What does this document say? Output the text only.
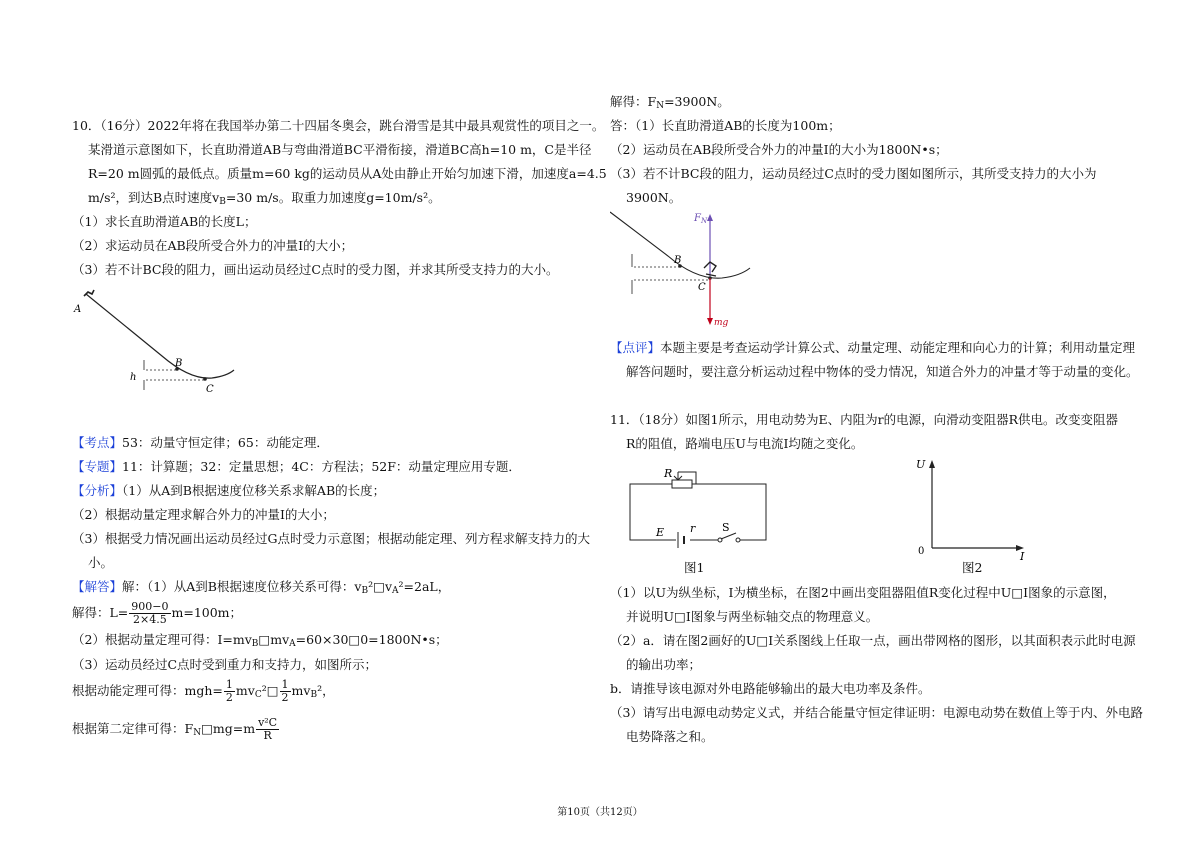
10．（16分）2022年将在我国举办第二十四届冬奥会，跳台滑雪是其中最具观赏性的项目之一。
某滑道示意图如下，长直助滑道AB与弯曲滑道BC平滑衔接，滑道BC高h=10 m，C是半径
R=20 m圆弧的最低点。质量m=60 kg的运动员从A处由静止开始匀加速下滑，加速度a=4.5
m/s²，到达B点时速度$v_B=30$ m/s。取重力加速度g=10m/s²。
（1）求长直助滑道AB的长度L；
（2）求运动员在AB段所受合外力的冲量I的大小；
（3）若不计BC段的阻力，画出运动员经过C点时的受力图，并求其所受支持力的大小。
A
B
C
h
【考点】53：动量守恒定律；65：动能定理．
【专题】11：计算题；32：定量思想；4C：方程法；52F：动量定理应用专题．
【分析】（1）从A到B根据速度位移关系求解AB的长度；
（2）根据动量定理求解合外力的冲量I的大小；
（3）根据受力情况画出运动员经过G点时受力示意图；根据动能定理、列方程求解支持力的大
小。
【解答】解：（1）从A到B根据速度位移关系可得：$v_B^2□v_A^2=2aL$，
解得：$L= \frac{900-0}{2\times 4.5} m=100m$；
（2）根据动量定理可得：$I=mv_B□mv_A=60\times 30□0=1800N•s$；
（3）运动员经过C点时受到重力和支持力，如图所示；
根据动能定理可得：$mgh= \frac{1}{2}$ $mv_C^2□ \frac{1}{2} mv_B^2$，
根据第二定律可得：$F_N□mg=m \frac{\text{v²C}}{R}$
解得：$F_N=3900N$。
答：（1）长直助滑道AB的长度为100m；
（2）运动员在AB段所受合外力的冲量I的大小为1800N•s；
（3）若不计BC段的阻力，运动员经过C点时的受力图如图所示，其所受支持力的大小为
3900N。
$F_N$
B
C
mg
【点评】本题主要是考查运动学计算公式、动量定理、动能定理和向心力的计算；利用动量定理
解答问题时，要注意分析运动过程中物体的受力情况，知道合外力的冲量才等于动量的变化。
11．（18分）如图1所示，用电动势为E、内阻为r的电源，向滑动变阻器R供电。改变变阻器
R的阻值，路端电压U与电流I均随之变化。
R
E r S
图1
U
I
0
图2
（1）以U为纵坐标，I为横坐标，在图2中画出变阻器阻值R变化过程中U□I图象的示意图，
并说明U□I图象与两坐标轴交点的物理意义。
（2）a．请在图2画好的U□I关系图线上任取一点，画出带网格的图形，以其面积表示此时电源
的输出功率；
b．请推导该电源对外电路能够输出的最大电功率及条件。
（3）请写出电源电动势定义式，并结合能量守恒定律证明：电源电动势在数值上等于内、外电路
电势降落之和。
第10页（共12页）
